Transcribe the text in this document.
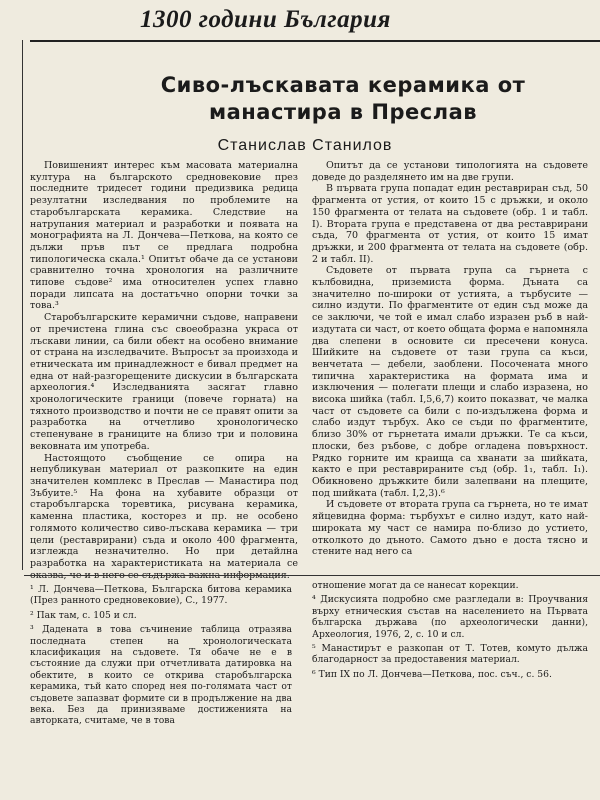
1300 години България
Сиво-лъскавата керамика от
манастира в Преслав
Станислав Станилов

Повишеният интерес към масовата материална култура на българското средновековие през последните тридесет години предизвика редица резултатни изследвания по проблемите на старобългарската керамика. Следствие на натрупания материал и разработки и появата на монографията на Л. Дончева—Петкова, на която се дължи пръв път се предлага подробна типологическа скала.¹ Опитът обаче да се установи сравнително точна хронология на различните типове съдове² има относителен успех главно поради липсата на достатъчно опорни точки за това.³

Старобългарските керамични съдове, направени от пречистена глина със своеобразна украса от лъскави линии, са били обект на особено внимание от страна на изследвачите. Въпросът за произхода и етническата им принадлежност е бивал предмет на една от най-разгорещените дискусии в българската археология.⁴ Изследванията засягат главно хронологическите граници (повече горната) на тяхното производство и почти не се правят опити за разработка на отчетливо хронологическо степенуване в границите на близо три и половина вековната им употреба.

Настоящото съобщение се опира на непубликуван материал от разкопките на един значителен комплекс в Преслав — Манастира под Зъбуите.⁵ На фона на хубавите образци от старобългарска торевтика, рисувана керамика, каменна пластика, косторез и пр. не особено голямото количество сиво-лъскава керамика — три цели (реставрирани) съда и около 400 фрагмента, изглежда незначително. Но при детайлна разработка на характеристиката на материала се оказва, че и в него се съдържа важна информация.

Опитът да се установи типологията на съдовете доведе до разделянето им на две групи.

В първата група попадат един реставриран съд, 50 фрагмента от устия, от които 15 с дръжки, и около 150 фрагмента от телата на съдовете (обр. 1 и табл. I). Втората група е представена от два реставрирани съда, 70 фрагмента от устия, от които 15 имат дръжки, и 200 фрагмента от телата на съдовете (обр. 2 и табл. II).

Съдовете от първата група са гърнета с кълбовидна, приземиста форма. Дъната са значително по-широки от устията, а търбусите — силно издути. По фрагментите от един съд може да се заключи, че той е имал слабо изразен ръб в най-издутата си част, от което общата форма е напомняла два слепени в основите си пресечени конуса. Шийките на съдовете от тази група са къси, венчетата — дебели, заоблени. Посочената много типична характеристика на формата има и изключения — полегати плещи и слабо изразена, но висока шийка (табл. I,5,6,7) които показват, че малка част от съдовете са били с по-издължена форма и слабо издут търбух. Ако се съди по фрагментите, близо 30% от гърнетата имали дръжки. Те са къси, плоски, без ръбове, с добре огладена повърхност. Рядко горните им краища са хванати за шийката, както е при реставрираните съд (обр. 1₁, табл. I₁). Обикновено дръжките били залепвани на плещите, под шийката (табл. I,2,3).⁶

И съдовете от втората група са гърнета, но те имат яйцевидна форма: търбухът е силно издут, като най-широката му част се намира по-близо до устието, отколкото до дъното. Самото дъно е доста тясно и стените над него са

¹ Л. Дончева—Петкова, Българска битова керамика (През ранното средновековие), С., 1977.

² Пак там, с. 105 и сл.

³ Даденатa в това съчинение таблица отразява последната степен на хронологическата класификация на съдовете. Тя обаче не е в състояние да служи при отчетливата датировка на обектите, в които се открива старобългарска керамика, тъй като според нея по-голямата част от съдовете запазват формите си в продължение на два века. Без да принизяваме достиженията на авторката, считаме, че в това

отношение могат да се нанесат корекции.

⁴ Дискусията подробно сме разгледали в: Проучвания върху етническия състав на населението на Първата българска държава (по археологически данни), Археология, 1976, 2, с. 10 и сл.

⁵ Манастирът е разкопан от Т. Тотев, комуто дължа благодарност за предоставения материал.

⁶ Тип IX по Л. Дончева—Петкова, пос. съч., с. 56.
